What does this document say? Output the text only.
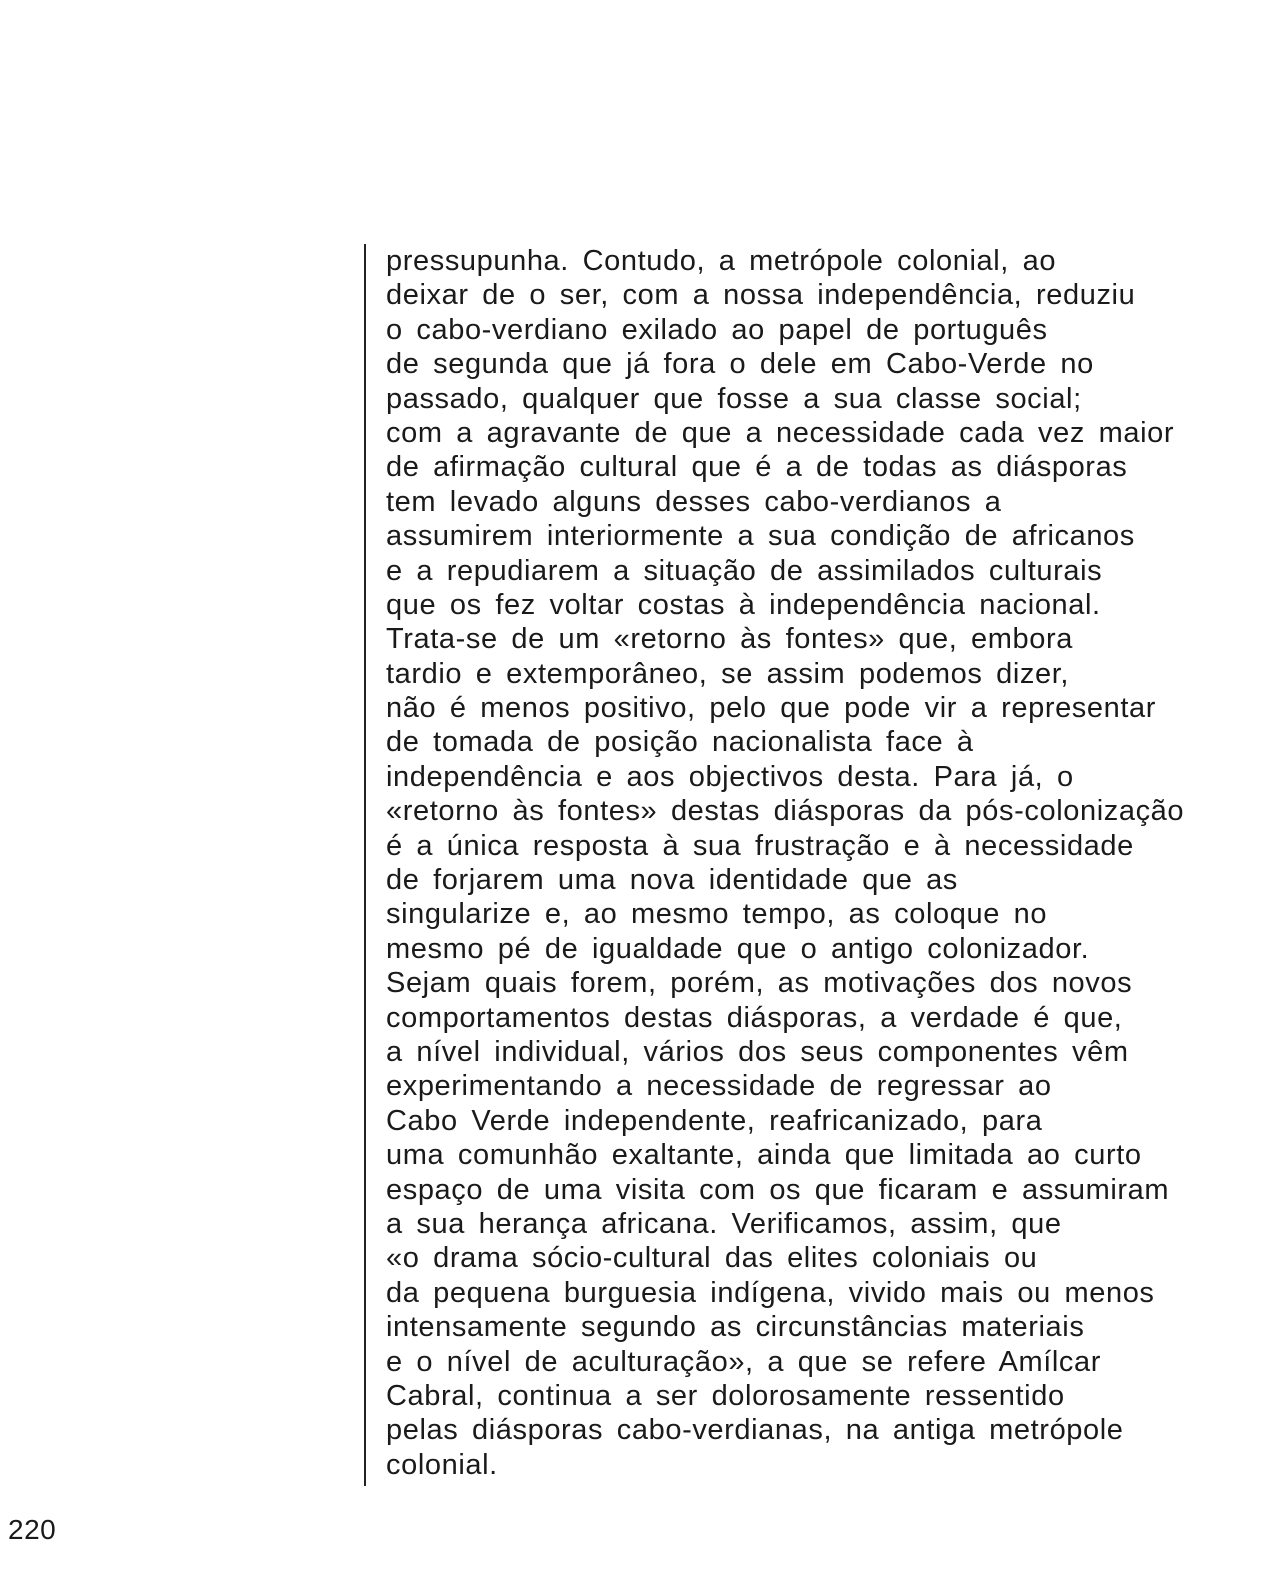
pressupunha. Contudo, a metrópole colonial, ao
deixar de o ser, com a nossa independência, reduziu
o cabo-verdiano exilado ao papel de português
de segunda que já fora o dele em Cabo-Verde no
passado, qualquer que fosse a sua classe social;
com a agravante de que a necessidade cada vez maior
de afirmação cultural que é a de todas as diásporas
tem levado alguns desses cabo-verdianos a
assumirem interiormente a sua condição de africanos
e a repudiarem a situação de assimilados culturais
que os fez voltar costas à independência nacional.
Trata-se de um «retorno às fontes» que, embora
tardio e extemporâneo, se assim podemos dizer,
não é menos positivo, pelo que pode vir a representar
de tomada de posição nacionalista face à
independência e aos objectivos desta. Para já, o
«retorno às fontes» destas diásporas da pós-colonização
é a única resposta à sua frustração e à necessidade
de forjarem uma nova identidade que as
singularize e, ao mesmo tempo, as coloque no
mesmo pé de igualdade que o antigo colonizador.
Sejam quais forem, porém, as motivações dos novos
comportamentos destas diásporas, a verdade é que,
a nível individual, vários dos seus componentes vêm
experimentando a necessidade de regressar ao
Cabo Verde independente, reafricanizado, para
uma comunhão exaltante, ainda que limitada ao curto
espaço de uma visita com os que ficaram e assumiram
a sua herança africana. Verificamos, assim, que
«o drama sócio-cultural das elites coloniais ou
da pequena burguesia indígena, vivido mais ou menos
intensamente segundo as circunstâncias materiais
e o nível de aculturação», a que se refere Amílcar
Cabral, continua a ser dolorosamente ressentido
pelas diásporas cabo-verdianas, na antiga metrópole
colonial.
220
